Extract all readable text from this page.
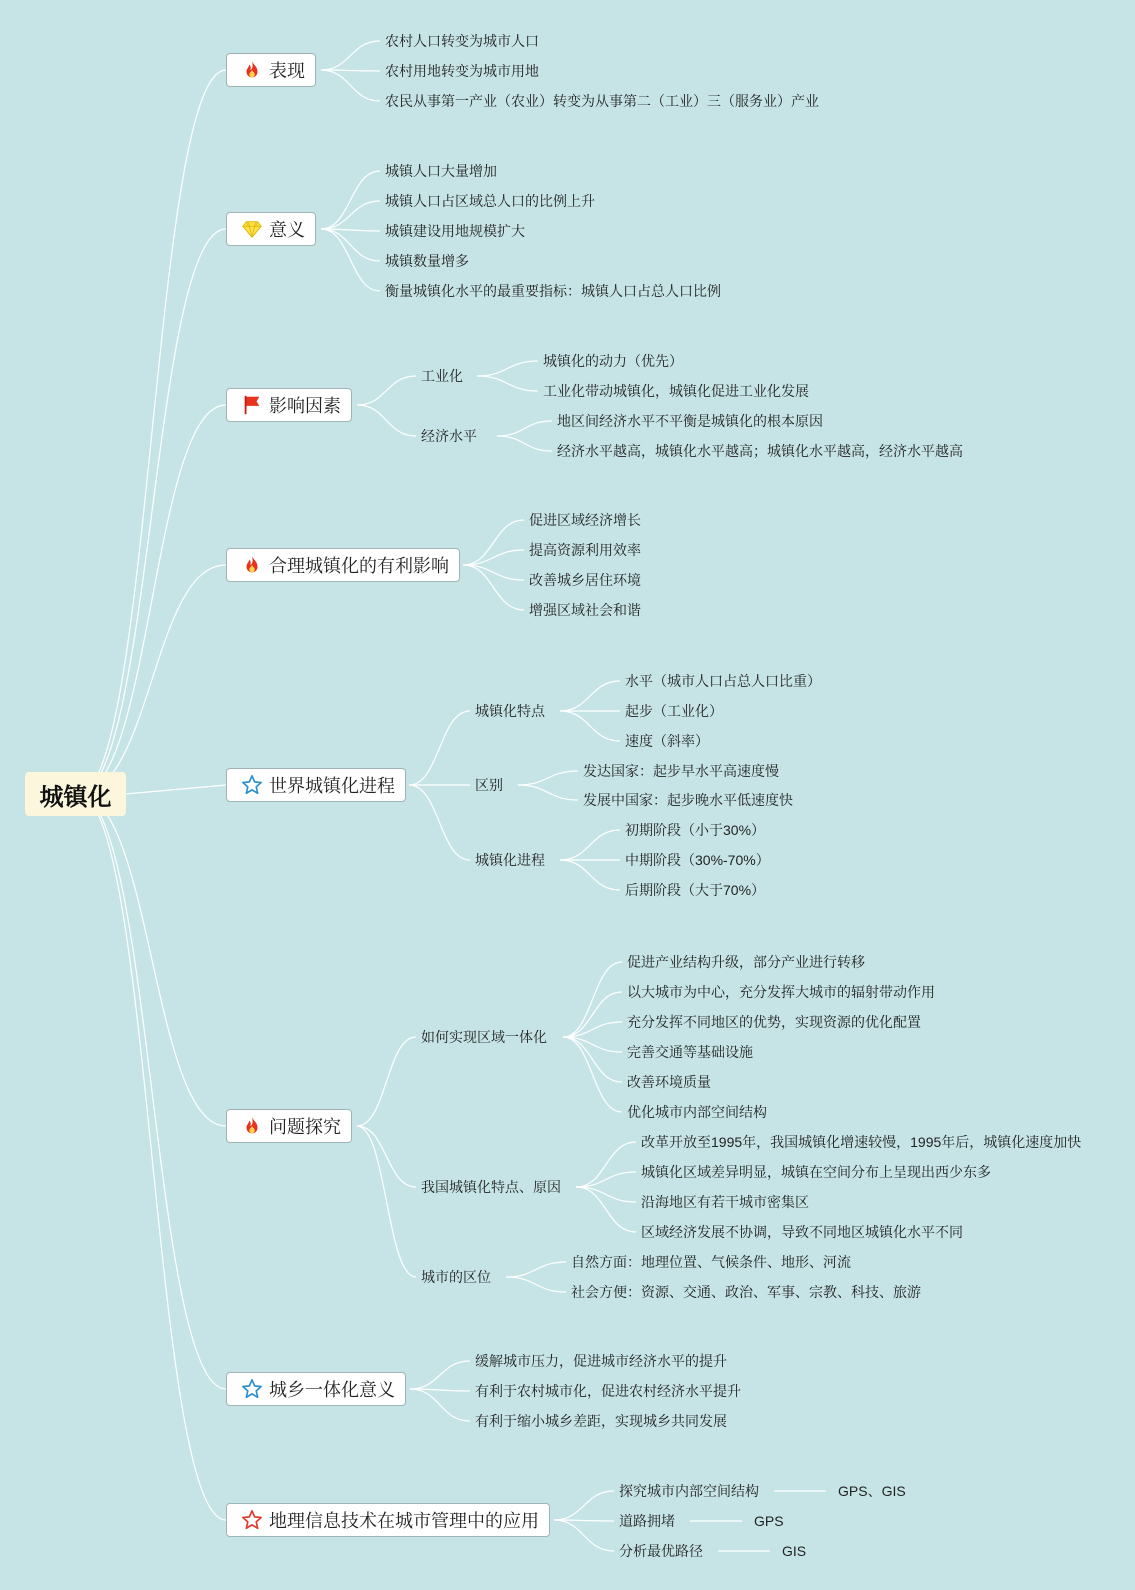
城镇化
表现
农村人口转变为城市人口
农村用地转变为城市用地
农民从事第一产业（农业）转变为从事第二（工业）三（服务业）产业
意义
城镇人口大量增加
城镇人口占区域总人口的比例上升
城镇建设用地规模扩大
城镇数量增多
衡量城镇化水平的最重要指标：城镇人口占总人口比例
影响因素
工业化
经济水平
城镇化的动力（优先）
工业化带动城镇化，城镇化促进工业化发展
地区间经济水平不平衡是城镇化的根本原因
经济水平越高，城镇化水平越高；城镇化水平越高，经济水平越高
合理城镇化的有利影响
促进区域经济增长
提高资源利用效率
改善城乡居住环境
增强区域社会和谐
世界城镇化进程
城镇化特点
区别
城镇化进程
水平（城市人口占总人口比重）
起步（工业化）
速度（斜率）
发达国家：起步早水平高速度慢
发展中国家：起步晚水平低速度快
初期阶段（小于30%）
中期阶段（30%-70%）
后期阶段（大于70%）
问题探究
如何实现区域一体化
我国城镇化特点、原因
城市的区位
促进产业结构升级，部分产业进行转移
以大城市为中心，充分发挥大城市的辐射带动作用
充分发挥不同地区的优势，实现资源的优化配置
完善交通等基础设施
改善环境质量
优化城市内部空间结构
改革开放至1995年，我国城镇化增速较慢，1995年后，城镇化速度加快
城镇化区域差异明显，城镇在空间分布上呈现出西少东多
沿海地区有若干城市密集区
区域经济发展不协调，导致不同地区城镇化水平不同
自然方面：地理位置、气候条件、地形、河流
社会方便：资源、交通、政治、军事、宗教、科技、旅游
城乡一体化意义
缓解城市压力，促进城市经济水平的提升
有利于农村城市化，促进农村经济水平提升
有利于缩小城乡差距，实现城乡共同发展
地理信息技术在城市管理中的应用
探究城市内部空间结构
道路拥堵
分析最优路径
GPS、GIS
GPS
GIS
